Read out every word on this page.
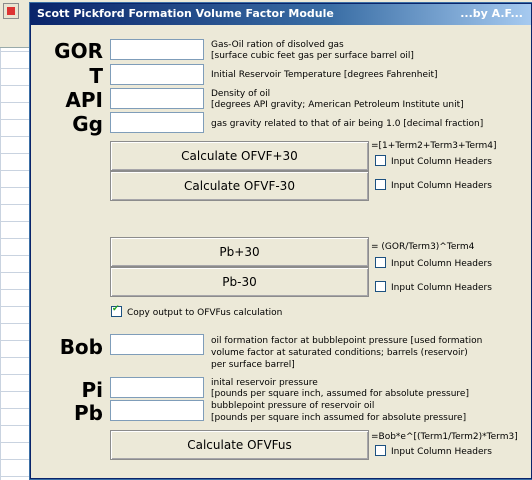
Scott Pickford Formation Volume Factor Module	...by A.F...
GOR	Gas-Oil ration of disolved gas
[surface cubic feet gas per surface barrel oil]
T	Initial Reservoir Temperature [degrees Fahrenheit]
API	Density of oil
[degrees API gravity; American Petroleum Institute unit]
Gg	gas gravity related to that of air being 1.0 [decimal fraction]
Calculate OFVF+30
=[1+Term2+Term3+Term4]
Input Column Headers
Calculate OFVF-30	Input Column Headers
Pb+30	= (GOR/Term3)^Term4
Input Column Headers
Pb-30	Input Column Headers
✔Copy output to OFVFus calculation
Bob	oil formation factor at bubblepoint pressure [used formation
volume factor at saturated conditions; barrels (reservoir)
per surface barrel]
Pi	inital reservoir pressure
[pounds per square inch, assumed for absolute pressure]
Pb	bubblepoint pressure of reservoir oil
[pounds per square inch assumed for absolute pressure]
Calculate OFVFus
=Bob*e^[(Term1/Term2)*Term3]
Input Column Headers
